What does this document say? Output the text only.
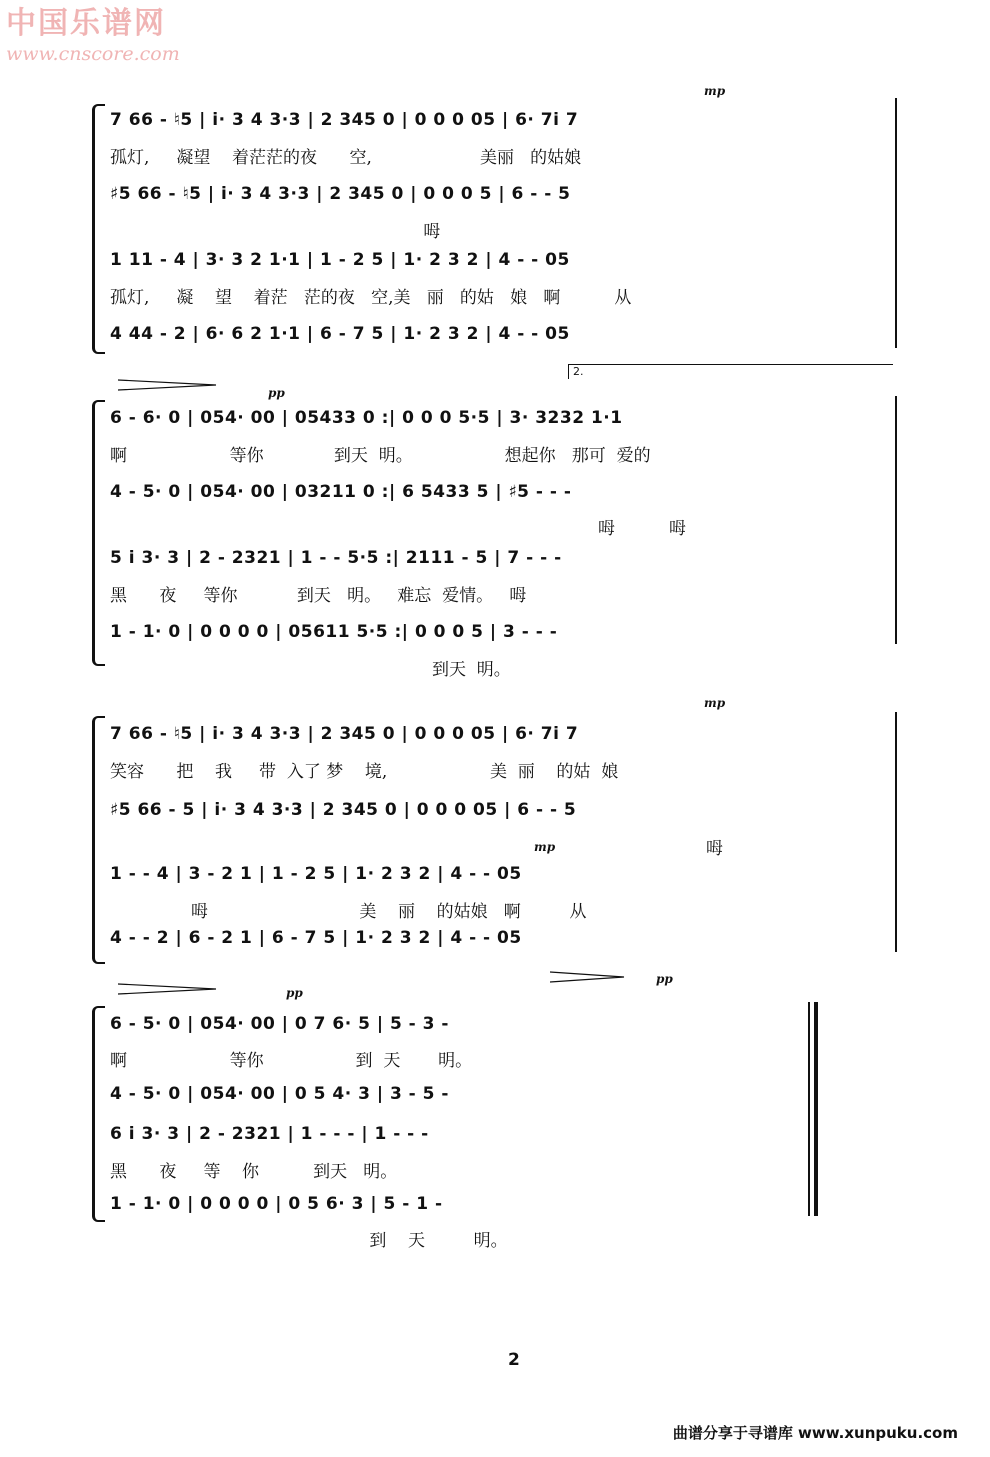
中国乐谱网
www.cnscore.com
mp
7 66 - ♮5 | i· 3 4 3·3 | 2 345 0 | 0 0 0 05 | 6· 7i 7
孤灯,     凝望    着茫茫的夜      空,                    美丽   的姑娘
♯5 66 - ♮5 | i· 3 4 3·3 | 2 345 0 | 0 0 0 5 | 6 - - 5
呣
1 11 - 4 | 3· 3 2 1·1 | 1 - 2 5 | 1· 2 3 2 | 4 - - 05
孤灯,     凝    望    着茫   茫的夜   空,美   丽   的姑   娘   啊          从
4 44 - 2 | 6· 6 2 1·1 | 6 - 7 5 | 1· 2 3 2 | 4 - - 05
pp
2.
6 - 6· 0 | 054· 00 | 05433 0 :| 0 0 0 5·5 | 3· 3232 1·1
啊                   等你             到天  明。                 想起你   那可  爱的
4 - 5· 0 | 054· 00 | 03211 0 :| 6 5433 5 | ♯5 - - -
呣          呣
5 i 3· 3 | 2 - 2321 | 1 - - 5·5 :| 2111 - 5 | 7 - - -
黑      夜     等你           到天   明。   难忘  爱情。   呣
1 - 1· 0 | 0 0 0 0 | 05611 5·5 :| 0 0 0 5 | 3 - - -
到天  明。
mp
mp
7 66 - ♮5 | i· 3 4 3·3 | 2 345 0 | 0 0 0 05 | 6· 7i 7
笑容      把    我     带  入了 梦    境,                   美  丽    的姑  娘
♯5 66 - 5 | i· 3 4 3·3 | 2 345 0 | 0 0 0 05 | 6 - - 5
呣
1 - - 4 | 3 - 2 1 | 1 - 2 5 | 1· 2 3 2 | 4 - - 05
呣                            美    丽    的姑娘   啊         从
4 - - 2 | 6 - 2 1 | 6 - 7 5 | 1· 2 3 2 | 4 - - 05
pp
pp
6 - 5· 0 | 054· 00 | 0 7 6· 5 | 5 - 3 -
啊                   等你                 到  天       明。
4 - 5· 0 | 054· 00 | 0 5 4· 3 | 3 - 5 -
6 i 3· 3 | 2 - 2321 | 1 - - - | 1 - - -
黑      夜     等    你          到天   明。
1 - 1· 0 | 0 0 0 0 | 0 5 6· 3 | 5 - 1 -
到    天         明。
2
曲谱分享于寻谱库 www.xunpuku.com
